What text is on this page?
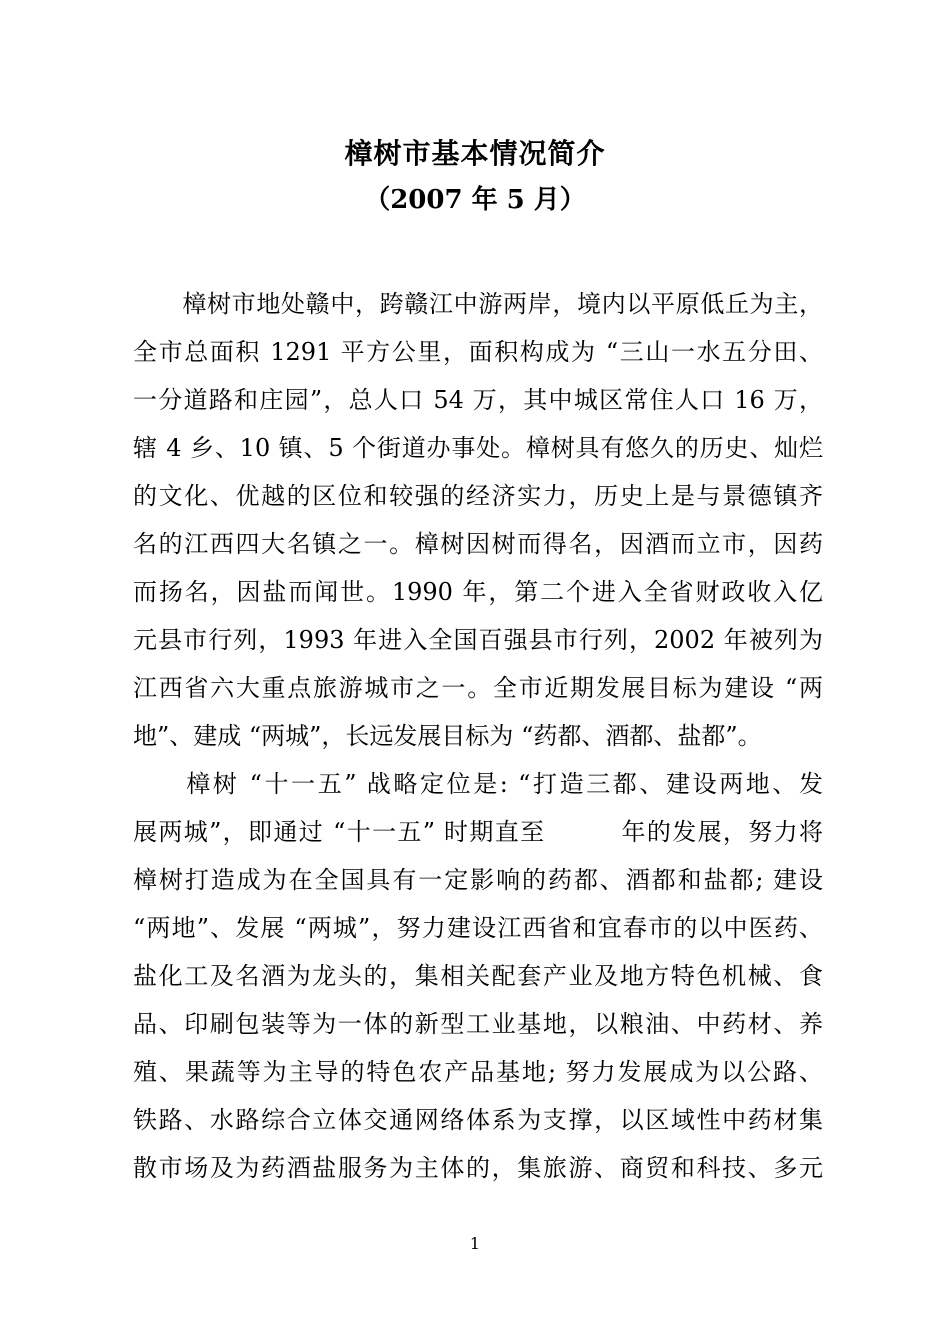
樟树市基本情况简介
（2007 年 5 月）
　　樟树市地处赣中，跨赣江中游两岸，境内以平原低丘为主，
全市总面积 1291 平方公里，面积构成为 “三山一水五分田、
一分道路和庄园”，总人口 54 万，其中城区常住人口 16 万，
辖 4 乡、10 镇、5 个街道办事处。樟树具有悠久的历史、灿烂
的文化、优越的区位和较强的经济实力，历史上是与景德镇齐
名的江西四大名镇之一。樟树因树而得名，因酒而立市，因药
而扬名，因盐而闻世。1990 年，第二个进入全省财政收入亿
元县市行列，1993 年进入全国百强县市行列，2002 年被列为
江西省六大重点旅游城市之一。全市近期发展目标为建设 “两
地”、建成 “两城”，长远发展目标为 “药都、酒都、盐都”。
　　樟树 “十一五” 战略定位是: “打造三都、建设两地、发
展两城”，即通过 “十一五” 时期直至　　　年的发展，努力将
樟树打造成为在全国具有一定影响的药都、酒都和盐都; 建设
“两地”、发展 “两城”，努力建设江西省和宜春市的以中医药、
盐化工及名酒为龙头的，集相关配套产业及地方特色机械、食
品、印刷包装等为一体的新型工业基地，以粮油、中药材、养
殖、果蔬等为主导的特色农产品基地; 努力发展成为以公路、
铁路、水路综合立体交通网络体系为支撑，以区域性中药材集
散市场及为药酒盐服务为主体的，集旅游、商贸和科技、多元
1
